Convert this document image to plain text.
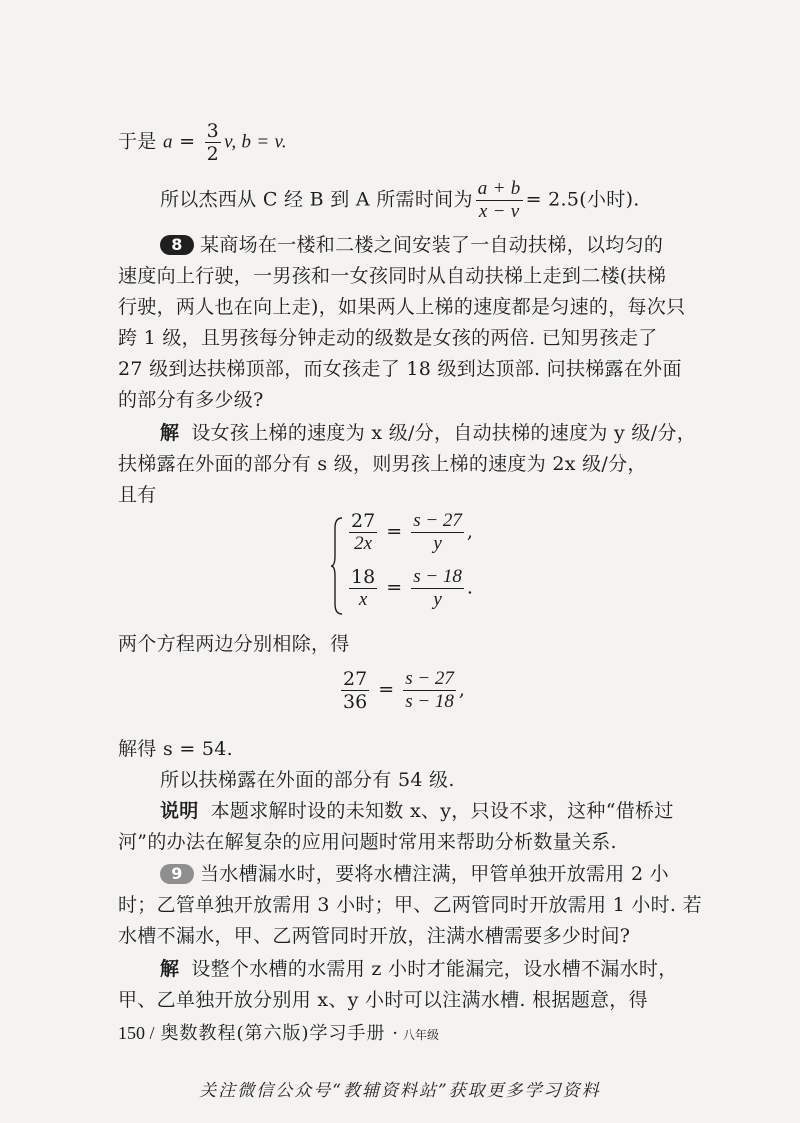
于是 $a = \frac{3}{2} v$, b = v.
所以杰西从 C 经 B 到 A 所需时间为 $\frac{a + b}{x - v} = 2.5$(小时).
8 某商场在一楼和二楼之间安装了一自动扶梯，以均匀的
速度向上行驶，一男孩和一女孩同时从自动扶梯上走到二楼(扶梯
行驶，两人也在向上走)，如果两人上梯的速度都是匀速的，每次只
跨 1 级，且男孩每分钟走动的级数是女孩的两倍. 已知男孩走了
27 级到达扶梯顶部，而女孩走了 18 级到达顶部. 问扶梯露在外面
的部分有多少级?
解 设女孩上梯的速度为 x 级/分，自动扶梯的速度为 y 级/分，
扶梯露在外面的部分有 s 级，则男孩上梯的速度为 2x 级/分，
且有
$\frac{27}{2x} = \frac{s - 27}{y}$ ,
$\frac{18}{x} = \frac{s - 18}{y}$ .
两个方程两边分别相除，得
$\frac{27}{36} = \frac{s - 27}{s - 18}$ ,
解得 s = 54.
所以扶梯露在外面的部分有 54 级.
说明 本题求解时设的未知数 x、y，只设不求，这种“借桥过
河”的办法在解复杂的应用问题时常用来帮助分析数量关系.
9 当水槽漏水时，要将水槽注满，甲管单独开放需用 2 小
时；乙管单独开放需用 3 小时；甲、乙两管同时开放需用 1 小时. 若
水槽不漏水，甲、乙两管同时开放，注满水槽需要多少时间?
解 设整个水槽的水需用 z 小时才能漏完，设水槽不漏水时，
甲、乙单独开放分别用 x、y 小时可以注满水槽. 根据题意，得
150 / 奥数教程(第六版)学习手册 · 八年级
关注微信公众号“教辅资料站”获取更多学习资料
